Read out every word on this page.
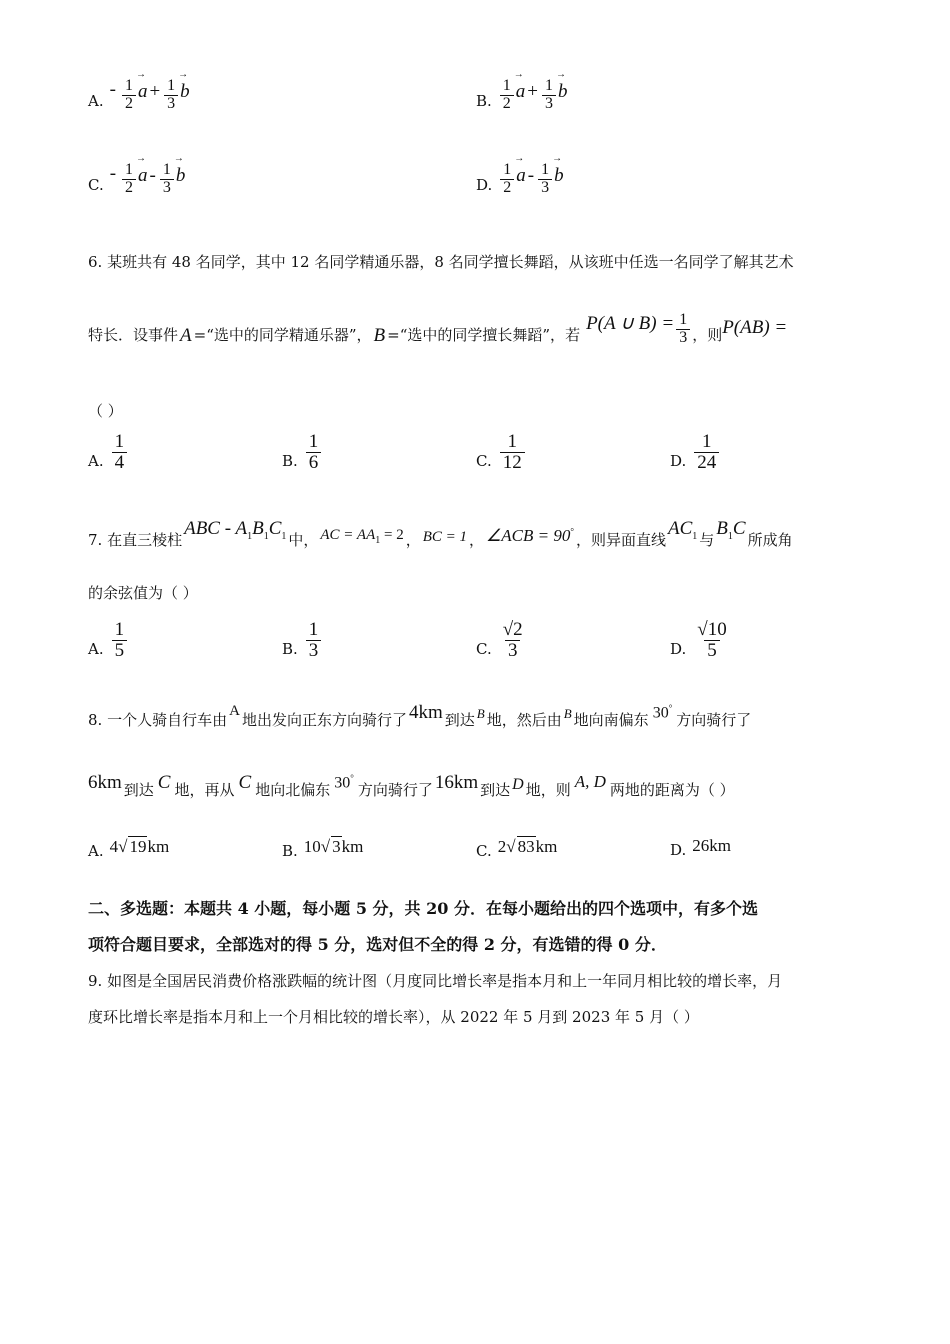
A.
- $\frac{1}{2}$
→ $a + \frac{1}{3}$
→ b	B. $\frac{1}{2}$
→ $a + \frac{1}{3}$
→ b
C.
- $\frac{1}{2}$
→ a - $\frac{1}{3}$
→ b	D. $\frac{1}{2}$
→ a - $\frac{1}{3}$
→ b
6. 某班共有 48 名同学，其中 12 名同学精通乐器，8 名同学擅长舞蹈，从该班中任选一名同学了解其艺术
特长．设事件 A =“选中的同学精通乐器”， B =“选中的同学擅长舞蹈”，若
P(A ∪ $B) = \frac{1}{3}$ ，则 P(AB) =
（ ）
A. $\frac{1}{4}$	B. $\frac{1}{6}$	C. $\frac{1}{12}$	D. $\frac{1}{24}$
7. 在直三棱柱
ABC - $A_1B_1C_1$ 中， AC = $AA_1 = 2$ ， BC = 1 ， ∠ACB = 90° ，则异面直线
$AC_1$ 与
$B_1C$
所成角
的余弦值为（ ）
A. $\frac{1}{5}$	B. $\frac{1}{3}$	C. $\frac{√2}{3}$	D. $\frac{√10}{5}$
8. 一个人骑自行车由 A 地出发向正东方向骑行了 4km 到达 B 地，然后由 B 地向南偏东 30°
方向骑行了
6km 到达 C 地，再从 C 地向北偏东 30°
方向骑行了 16km 到达 D 地，则 A, D 两地的距离为（ ）
A. 4√ 19km	B. 10√ 3km	C. 2√ 83km	D. 26km
二、多选题：本题共 4 小题，每小题 5 分，共 20 分．在每小题给出的四个选项中，有多个选
项符合题目要求，全部选对的得 5 分，选对但不全的得 2 分，有选错的得 0 分．
9. 如图是全国居民消费价格涨跌幅的统计图（月度同比增长率是指本月和上一年同月相比较的增长率，月
度环比增长率是指本月和上一个月相比较的增长率），从 2022 年 5 月到 2023 年 5 月（ ）
